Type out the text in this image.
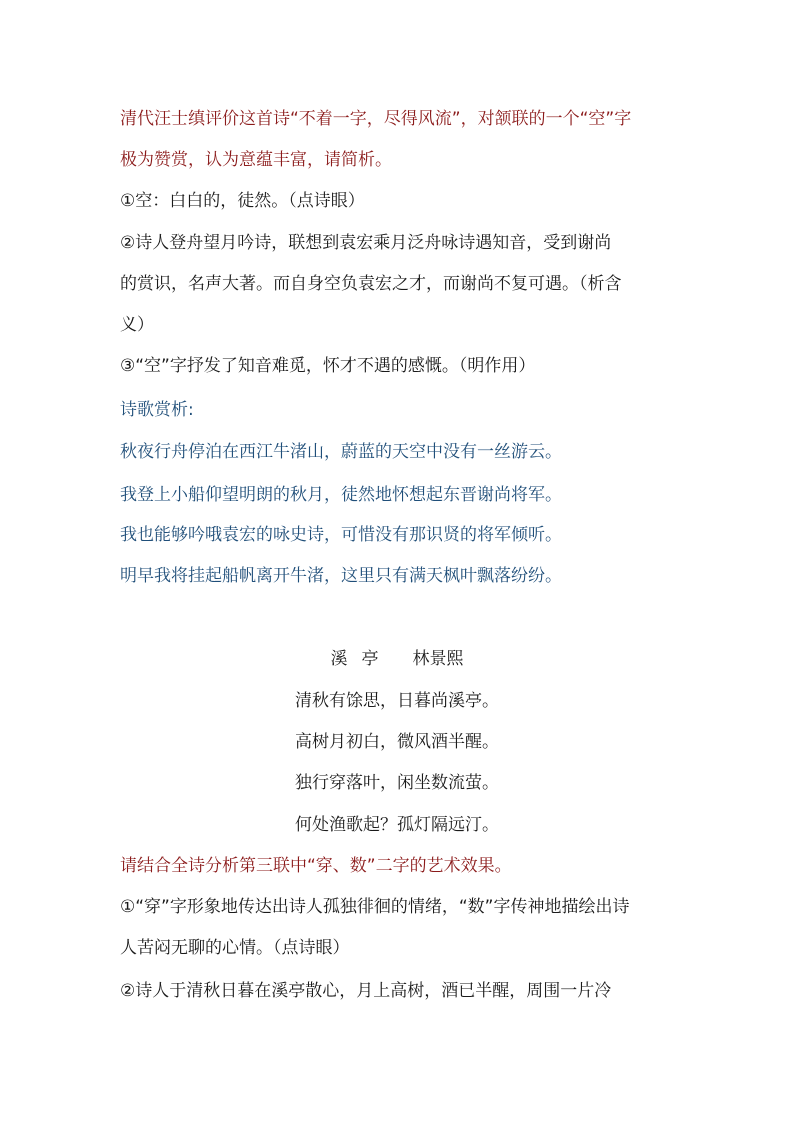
清代汪士缜评价这首诗“不着一字，尽得风流”，对颔联的一个“空”字
极为赞赏，认为意蕴丰富，请简析。
①空：白白的，徒然。（点诗眼）
②诗人登舟望月吟诗，联想到袁宏乘月泛舟咏诗遇知音，受到谢尚
的赏识，名声大著。而自身空负袁宏之才，而谢尚不复可遇。（析含
义）
③“空”字抒发了知音难觅，怀才不遇的感慨。（明作用）
诗歌赏析:
秋夜行舟停泊在西江牛渚山，蔚蓝的天空中没有一丝游云。
我登上小船仰望明朗的秋月，徒然地怀想起东晋谢尚将军。
我也能够吟哦袁宏的咏史诗，可惜没有那识贤的将军倾听。
明早我将挂起船帆离开牛渚，这里只有满天枫叶飘落纷纷。
溪 亭 林景熙
清秋有馀思，日暮尚溪亭。
高树月初白，微风酒半醒。
独行穿落叶，闲坐数流萤。
何处渔歌起？孤灯隔远汀。
请结合全诗分析第三联中“穿、数”二字的艺术效果。
①“穿”字形象地传达出诗人孤独徘徊的情绪，“数”字传神地描绘出诗
人苦闷无聊的心情。（点诗眼）
②诗人于清秋日暮在溪亭散心，月上高树，酒已半醒，周围一片冷
